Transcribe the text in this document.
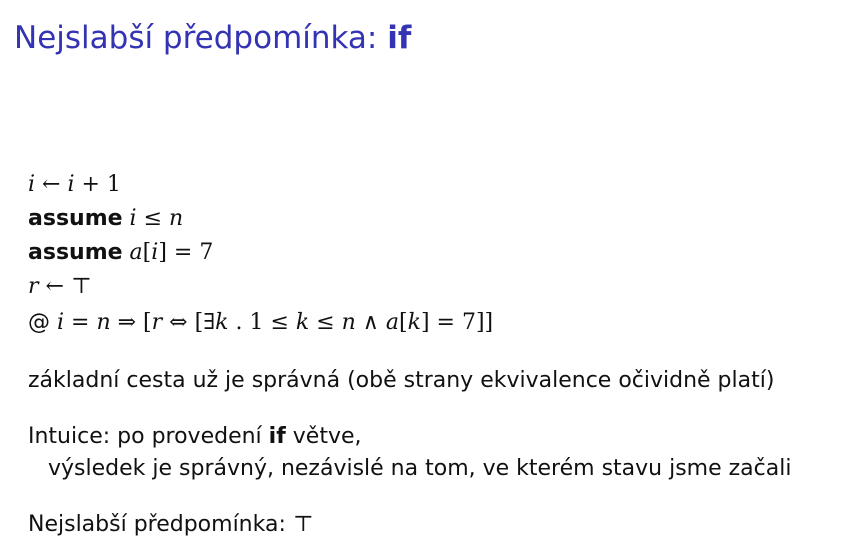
Nejslabší předpomínka: if
i ← i + 1
assume i ≤ n
assume a[i] = 7
r ← ⊤
@ i = n ⇒ [r ⇔ [∃k . 1 ≤ k ≤ n ∧ a[k] = 7]]
základní cesta už je správná (obě strany ekvivalence očividně platí)
Intuice: po provedení if větve,
výsledek je správný, nezávislé na tom, ve kterém stavu jsme začali
Nejslabší předpomínka: ⊤
